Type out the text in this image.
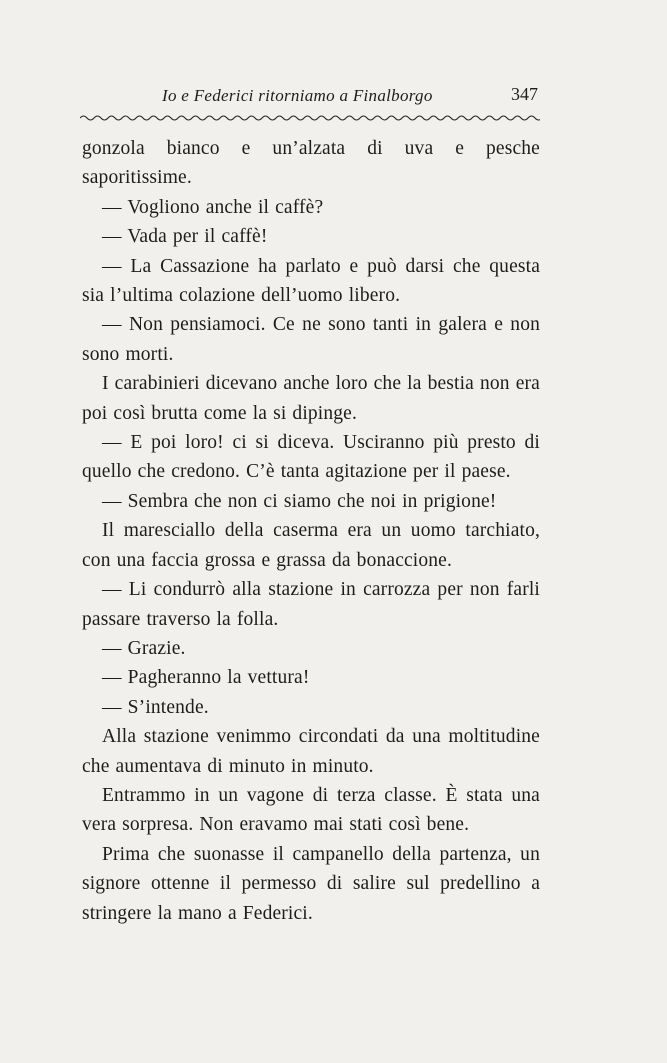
Io e Federici ritorniamo a Finalborgo	347

gonzola bianco e un’alzata di uva e pesche saporitissime.

— Vogliono anche il caffè?

— Vada per il caffè!

— La Cassazione ha parlato e può darsi che questa sia l’ultima colazione dell’uomo libero.

— Non pensiamoci. Ce ne sono tanti in galera e non sono morti.

I carabinieri dicevano anche loro che la bestia non era poi così brutta come la si dipinge.

— E poi loro! ci si diceva. Usciranno più presto di quello che credono. C’è tanta agitazione per il paese.

— Sembra che non ci siamo che noi in prigione!

Il maresciallo della caserma era un uomo tarchiato, con una faccia grossa e grassa da bonaccione.

— Li condurrò alla stazione in carrozza per non farli passare traverso la folla.

— Grazie.

— Pagheranno la vettura!

— S’intende.

Alla stazione venimmo circondati da una moltitudine che aumentava di minuto in minuto.

Entrammo in un vagone di terza classe. È stata una vera sorpresa. Non eravamo mai stati così bene.

Prima che suonasse il campanello della partenza, un signore ottenne il permesso di salire sul predellino a stringere la mano a Federici.
